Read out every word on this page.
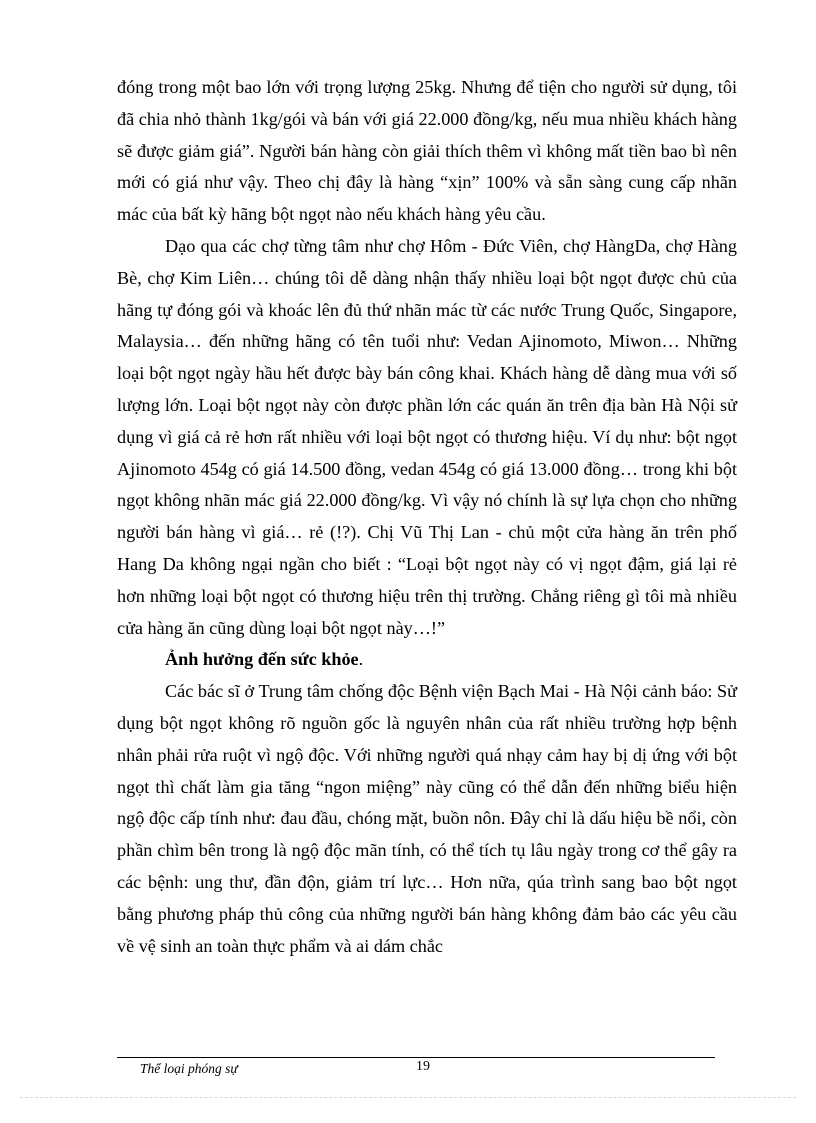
đóng trong một bao lớn với trọng lượng 25kg. Nhưng để tiện cho người sử dụng, tôi đã chia nhỏ thành 1kg/gói và bán với giá 22.000 đồng/kg, nếu mua nhiều khách hàng sẽ được giảm giá”. Người bán hàng còn giải thích thêm vì không mất tiền bao bì nên mới có giá như vậy. Theo chị đây là hàng “xịn” 100% và sẵn sàng cung cấp nhãn mác của bất kỳ hãng bột ngọt nào nếu khách hàng yêu cầu.

Dạo qua các chợ từng tâm như chợ Hôm - Đức Viên, chợ HàngDa, chợ Hàng Bè, chợ Kim Liên… chúng tôi dễ dàng nhận thấy nhiều loại bột ngọt được chủ của hãng tự đóng gói và khoác lên đủ thứ nhãn mác từ các nước Trung Quốc, Singapore, Malaysia… đến những hãng có tên tuổi như: Vedan Ajinomoto, Miwon… Những loại bột ngọt ngày hầu hết được bày bán công khai. Khách hàng dễ dàng mua với số lượng lớn. Loại bột ngọt này còn được phần lớn các quán ăn trên địa bàn Hà Nội sử dụng vì giá cả rẻ hơn rất nhiều với loại bột ngọt có thương hiệu. Ví dụ như: bột ngọt Ajinomoto 454g có giá 14.500 đồng, vedan 454g có giá 13.000 đồng… trong khi bột ngọt không nhãn mác giá 22.000 đồng/kg. Vì vậy nó chính là sự lựa chọn cho những người bán hàng vì giá… rẻ (!?). Chị Vũ Thị Lan - chủ một cửa hàng ăn trên phố Hang Da không ngại ngần cho biết : “Loại bột ngọt này có vị ngọt đậm, giá lại rẻ hơn những loại bột ngọt có thương hiệu trên thị trường. Chẳng riêng gì tôi mà nhiều cửa hàng ăn cũng dùng loại bột ngọt này…!”

Ảnh hưởng đến sức khỏe.

Các bác sĩ ở Trung tâm chống độc Bệnh viện Bạch Mai - Hà Nội cảnh báo: Sử dụng bột ngọt không rõ nguồn gốc là nguyên nhân của rất nhiều trường hợp bệnh nhân phải rửa ruột vì ngộ độc. Với những người quá nhạy cảm hay bị dị ứng với bột ngọt thì chất làm gia tăng “ngon miệng” này cũng có thể dẫn đến những biểu hiện ngộ độc cấp tính như: đau đầu, chóng mặt, buồn nôn. Đây chỉ là dấu hiệu bề nổi, còn phần chìm bên trong là ngộ độc mãn tính, có thể tích tụ lâu ngày trong cơ thể gây ra các bệnh: ung thư, đần độn, giảm trí lực… Hơn nữa, qúa trình sang bao bột ngọt bằng phương pháp thủ công của những người bán hàng không đảm bảo các yêu cầu về vệ sinh an toàn thực phẩm và ai dám chắc

Thể loại phóng sự	19
